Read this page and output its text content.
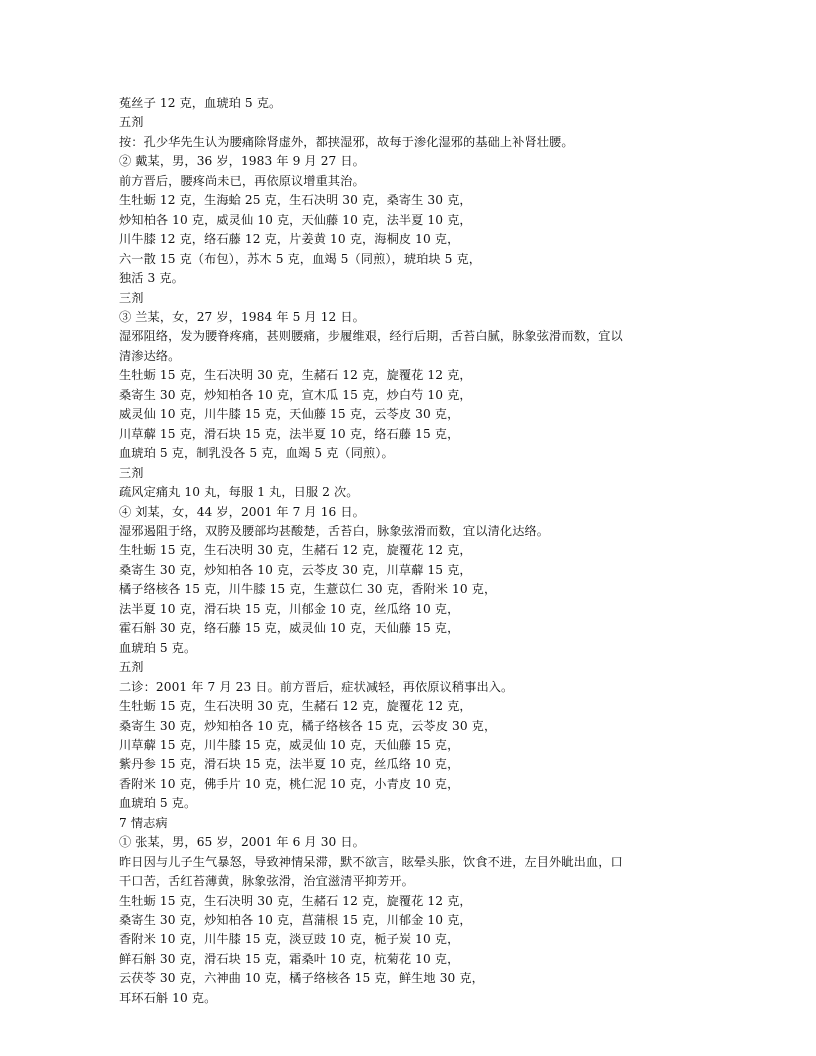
菟丝子 12 克，血琥珀 5 克。
五剂
按：孔少华先生认为腰痛除肾虚外，都挟湿邪，故每于渗化湿邪的基础上补肾壮腰。
② 戴某，男，36 岁，1983 年 9 月 27 日。
前方晋后，腰疼尚未已，再依原议增重其治。
生牡蛎 12 克，生海蛤 25 克，生石决明 30 克，桑寄生 30 克，
炒知柏各 10 克，威灵仙 10 克，天仙藤 10 克，法半夏 10 克，
川牛膝 12 克，络石藤 12 克，片姜黄 10 克，海桐皮 10 克，
六一散 15 克（布包），苏木 5 克，血竭 5（同煎），琥珀块 5 克，
独活 3 克。
三剂
③ 兰某，女，27 岁，1984 年 5 月 12 日。
湿邪阻络，发为腰脊疼痛，甚则腰痛，步履维艰，经行后期，舌苔白腻，脉象弦滑而数，宜以
清渗达络。
生牡蛎 15 克，生石决明 30 克，生赭石 12 克，旋覆花 12 克，
桑寄生 30 克，炒知柏各 10 克，宣木瓜 15 克，炒白芍 10 克，
威灵仙 10 克，川牛膝 15 克，天仙藤 15 克，云苓皮 30 克，
川草薢 15 克，滑石块 15 克，法半夏 10 克，络石藤 15 克，
血琥珀 5 克，制乳没各 5 克，血竭 5 克（同煎）。
三剂
疏风定痛丸 10 丸，每服 1 丸，日服 2 次。
④ 刘某，女，44 岁，2001 年 7 月 16 日。
湿邪遏阻于络，双胯及腰部均甚酸楚，舌苔白，脉象弦滑而数，宜以清化达络。
生牡蛎 15 克，生石决明 30 克，生赭石 12 克，旋覆花 12 克，
桑寄生 30 克，炒知柏各 10 克，云苓皮 30 克，川草薢 15 克，
橘子络核各 15 克，川牛膝 15 克，生薏苡仁 30 克，香附米 10 克，
法半夏 10 克，滑石块 15 克，川郁金 10 克，丝瓜络 10 克，
霍石斛 30 克，络石藤 15 克，威灵仙 10 克，天仙藤 15 克，
血琥珀 5 克。
五剂
二诊：2001 年 7 月 23 日。前方晋后，症状减轻，再依原议稍事出入。
生牡蛎 15 克，生石决明 30 克，生赭石 12 克，旋覆花 12 克，
桑寄生 30 克，炒知柏各 10 克，橘子络核各 15 克，云苓皮 30 克，
川草薢 15 克，川牛膝 15 克，威灵仙 10 克，天仙藤 15 克，
紫丹参 15 克，滑石块 15 克，法半夏 10 克，丝瓜络 10 克，
香附米 10 克，佛手片 10 克，桃仁泥 10 克，小青皮 10 克，
血琥珀 5 克。
7 情志病
① 张某，男，65 岁，2001 年 6 月 30 日。
昨日因与儿子生气暴怒，导致神情呆滞，默不欲言，眩晕头胀，饮食不进，左目外眦出血，口
干口苦，舌红苔薄黄，脉象弦滑，治宜滋清平抑芳开。
生牡蛎 15 克，生石决明 30 克，生赭石 12 克，旋覆花 12 克，
桑寄生 30 克，炒知柏各 10 克，菖蒲根 15 克，川郁金 10 克，
香附米 10 克，川牛膝 15 克，淡豆豉 10 克，栀子炭 10 克，
鲜石斛 30 克，滑石块 15 克，霜桑叶 10 克，杭菊花 10 克，
云茯苓 30 克，六神曲 10 克，橘子络核各 15 克，鲜生地 30 克，
耳环石斛 10 克。
